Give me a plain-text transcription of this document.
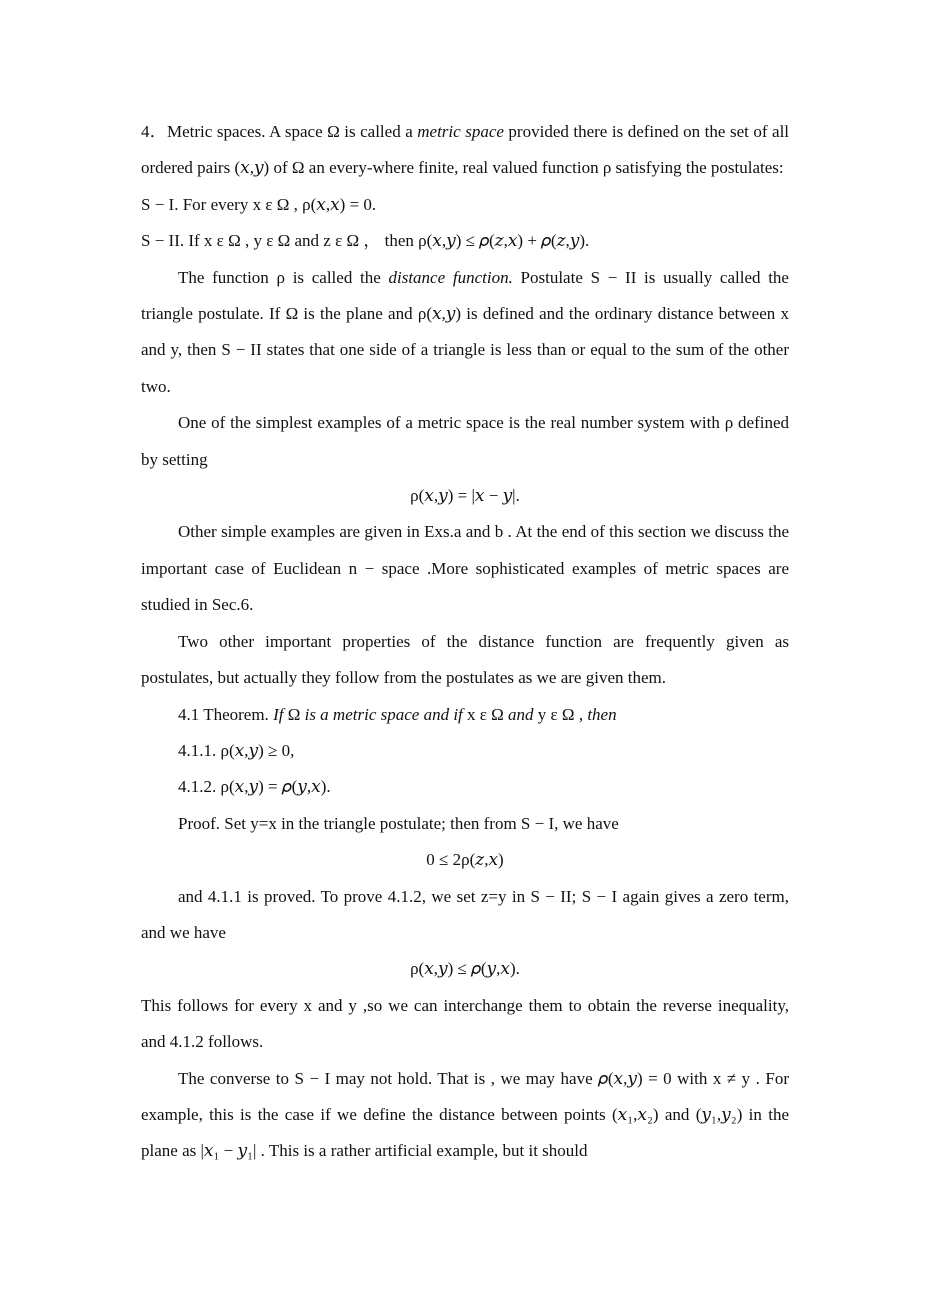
4．Metric spaces. A space Ω is called a metric space provided there is defined on the set of all ordered pairs (𝑥,𝑦) of Ω an every-where finite, real valued function ρ satisfying the postulates:

S − I. For every x ε Ω , ρ(𝑥,𝑥) = 0.

S − II. If x ε Ω , y ε Ω and z ε Ω ， then ρ(𝑥,𝑦) ≤ 𝜌(𝑧,𝑥) + 𝜌(𝑧,𝑦).

The function ρ is called the distance function. Postulate S − II is usually called the triangle postulate. If Ω is the plane and ρ(𝑥,𝑦) is defined and the ordinary distance between x and y, then S − II states that one side of a triangle is less than or equal to the sum of the other two.

One of the simplest examples of a metric space is the real number system with ρ defined by setting

ρ(𝑥,𝑦) = |𝑥 − 𝑦|.

Other simple examples are given in Exs.a and b . At the end of this section we discuss the important case of Euclidean n − space .More sophisticated examples of metric spaces are studied in Sec.6.

Two other important properties of the distance function are frequently given as postulates, but actually they follow from the postulates as we are given them.

4.1 Theorem. If Ω is a metric space and if x ε Ω and y ε Ω , then

4.1.1. ρ(𝑥,𝑦) ≥ 0,

4.1.2. ρ(𝑥,𝑦) = 𝜌(𝑦,𝑥).

Proof. Set y=x in the triangle postulate; then from S − I, we have

0 ≤ 2ρ(𝑧,𝑥)

and 4.1.1 is proved. To prove 4.1.2, we set z=y in S − II; S − I again gives a zero term, and we have

ρ(𝑥,𝑦) ≤ 𝜌(𝑦,𝑥).

This follows for every x and y ,so we can interchange them to obtain the reverse inequality, and 4.1.2 follows.

The converse to S − I may not hold. That is , we may have 𝜌(𝑥,𝑦) = 0 with x ≠ y . For example, this is the case if we define the distance between points (𝑥₁,𝑥₂) and (𝑦₁,𝑦₂) in the plane as |𝑥₁ − 𝑦₁| . This is a rather artificial example, but it should
